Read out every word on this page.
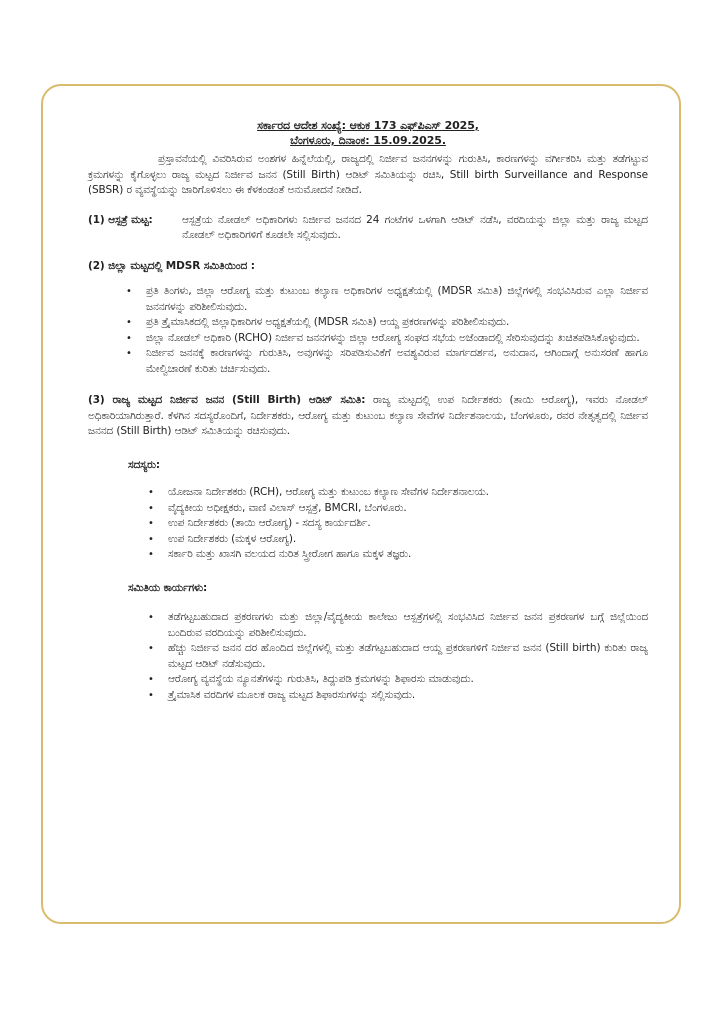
ಸರ್ಕಾರದ ಆದೇಶ ಸಂಖ್ಯೆ: ಆಕುಕ 173 ಎಫ್‌ಪಿಎಸ್ 2025,
ಬೆಂಗಳೂರು, ದಿನಾಂಕ: 15.09.2025.

ಪ್ರಸ್ತಾವನೆಯಲ್ಲಿ ವಿವರಿಸಿರುವ ಅಂಶಗಳ ಹಿನ್ನೆಲೆಯಲ್ಲಿ, ರಾಜ್ಯದಲ್ಲಿ ನಿರ್ಜೀವ ಜನನಗಳನ್ನು ಗುರುತಿಸಿ, ಕಾರಣಗಳನ್ನು ವರ್ಗೀಕರಿಸಿ ಮತ್ತು ತಡೆಗಟ್ಟುವ ಕ್ರಮಗಳನ್ನು ಕೈಗೊಳ್ಳಲು ರಾಜ್ಯ ಮಟ್ಟದ ನಿರ್ಜೀವ ಜನನ (Still Birth) ಆಡಿಟ್ ಸಮಿತಿಯನ್ನು ರಚಿಸಿ, Still birth Surveillance and Response (SBSR) ರ ವ್ಯವಸ್ಥೆಯನ್ನು ಜಾರಿಗೊಳಿಸಲು ಈ ಕೆಳಕಂಡಂತೆ ಅನುಮೋದನೆ ನೀಡಿದೆ.

(1) ಆಸ್ಪತ್ರೆ ಮಟ್ಟ:	ಆಸ್ಪತ್ರೆಯ ನೋಡಲ್ ಅಧಿಕಾರಿಗಳು ನಿರ್ಜೀವ ಜನನದ 24 ಗಂಟೆಗಳ ಒಳಗಾಗಿ ಆಡಿಟ್ ನಡೆಸಿ, ವರದಿಯನ್ನು ಜಿಲ್ಲಾ ಮತ್ತು ರಾಜ್ಯ ಮಟ್ಟದ ನೋಡಲ್ ಅಧಿಕಾರಿಗಳಿಗೆ ಕೂಡಲೇ ಸಲ್ಲಿಸುವುದು.

(2) ಜಿಲ್ಲಾ ಮಟ್ಟದಲ್ಲಿ MDSR ಸಮಿತಿಯಿಂದ :
• ಪ್ರತಿ ತಿಂಗಳು, ಜಿಲ್ಲಾ ಆರೋಗ್ಯ ಮತ್ತು ಕುಟುಂಬ ಕಲ್ಯಾಣ ಅಧಿಕಾರಿಗಳ ಅಧ್ಯಕ್ಷತೆಯಲ್ಲಿ (MDSR ಸಮಿತಿ) ಜಿಲ್ಲೆಗಳಲ್ಲಿ ಸಂಭವಿಸಿರುವ ಎಲ್ಲಾ ನಿರ್ಜೀವ ಜನನಗಳನ್ನು ಪರಿಶೀಲಿಸುವುದು.
• ಪ್ರತಿ ತ್ರೈಮಾಸಿಕದಲ್ಲಿ ಜಿಲ್ಲಾಧಿಕಾರಿಗಳ ಅಧ್ಯಕ್ಷತೆಯಲ್ಲಿ (MDSR ಸಮಿತಿ) ಆಯ್ದ ಪ್ರಕರಣಗಳನ್ನು ಪರಿಶೀಲಿಸುವುದು.
• ಜಿಲ್ಲಾ ನೋಡಲ್ ಅಧಿಕಾರಿ (RCHO) ನಿರ್ಜೀವ ಜನನಗಳನ್ನು ಜಿಲ್ಲಾ ಆರೋಗ್ಯ ಸಂಘದ ಸಭೆಯ ಅಜೆಂಡಾದಲ್ಲಿ ಸೇರಿಸುವುದನ್ನು ಖಚಿತಪಡಿಸಿಕೊಳ್ಳುವುದು.
• ನಿರ್ಜೀವ ಜನನಕ್ಕೆ ಕಾರಣಗಳನ್ನು ಗುರುತಿಸಿ, ಅವುಗಳನ್ನು ಸರಿಪಡಿಸುವಿಕೆಗೆ ಅವಶ್ಯವಿರುವ ಮಾರ್ಗದರ್ಶನ, ಅನುದಾನ, ಆಗಿಂದಾಗ್ಗೆ ಅನುಸರಣೆ ಹಾಗೂ ಮೇಲ್ವಿಚಾರಣೆ ಕುರಿತು ಚರ್ಚಿಸುವುದು.

(3) ರಾಜ್ಯ ಮಟ್ಟದ ನಿರ್ಜೀವ ಜನನ (Still Birth) ಆಡಿಟ್ ಸಮಿತಿ: ರಾಜ್ಯ ಮಟ್ಟದಲ್ಲಿ ಉಪ ನಿರ್ದೇಶಕರು (ತಾಯಿ ಆರೋಗ್ಯ), ಇವರು ನೋಡಲ್ ಅಧಿಕಾರಿಯಾಗಿರುತ್ತಾರೆ. ಕೆಳಗಿನ ಸದಸ್ಯರೊಂದಿಗೆ, ನಿರ್ದೇಶಕರು, ಆರೋಗ್ಯ ಮತ್ತು ಕುಟುಂಬ ಕಲ್ಯಾಣ ಸೇವೆಗಳ ನಿರ್ದೇಶನಾಲಯ, ಬೆಂಗಳೂರು, ರವರ ನೇತೃತ್ವದಲ್ಲಿ ನಿರ್ಜೀವ ಜನನದ (Still Birth) ಆಡಿಟ್ ಸಮಿತಿಯನ್ನು ರಚಿಸುವುದು.

ಸದಸ್ಯರು:
• ಯೋಜನಾ ನಿರ್ದೇಶಕರು (RCH), ಆರೋಗ್ಯ ಮತ್ತು ಕುಟುಂಬ ಕಲ್ಯಾಣ ಸೇವೆಗಳ ನಿರ್ದೇಶನಾಲಯ.
• ವೈದ್ಯಕೀಯ ಅಧೀಕ್ಷಕರು, ವಾಣಿ ವಿಲಾಸ್ ಆಸ್ಪತ್ರೆ, BMCRI, ಬೆಂಗಳೂರು.
• ಉಪ ನಿರ್ದೇಶಕರು (ತಾಯಿ ಆರೋಗ್ಯ) - ಸದಸ್ಯ ಕಾರ್ಯದರ್ಶಿ.
• ಉಪ ನಿರ್ದೇಶಕರು (ಮಕ್ಕಳ ಆರೋಗ್ಯ).
• ಸರ್ಕಾರಿ ಮತ್ತು ಖಾಸಗಿ ವಲಯದ ನುರಿತ ಸ್ತ್ರೀರೋಗ ಹಾಗೂ ಮಕ್ಕಳ ತಜ್ಞರು.
ಸಮಿತಿಯ ಕಾರ್ಯಗಳು:
• ತಡೆಗಟ್ಟಬಹುದಾದ ಪ್ರಕರಣಗಳು ಮತ್ತು ಜಿಲ್ಲಾ/ವೈದ್ಯಕೀಯ ಕಾಲೇಜು ಆಸ್ಪತ್ರೆಗಳಲ್ಲಿ ಸಂಭವಿಸಿದ ನಿರ್ಜೀವ ಜನನ ಪ್ರಕರಣಗಳ ಬಗ್ಗೆ ಜಿಲ್ಲೆಯಿಂದ ಬಂದಿರುವ ವರದಿಯನ್ನು ಪರಿಶೀಲಿಸುವುದು.
• ಹೆಚ್ಚು ನಿರ್ಜೀವ ಜನನ ದರ ಹೊಂದಿದ ಜಿಲ್ಲೆಗಳಲ್ಲಿ ಮತ್ತು ತಡೆಗಟ್ಟಬಹುದಾದ ಆಯ್ದ ಪ್ರಕರಣಗಳಿಗೆ ನಿರ್ಜೀವ ಜನನ (Still birth) ಕುರಿತು ರಾಜ್ಯ ಮಟ್ಟದ ಆಡಿಟ್ ನಡೆಸುವುದು.
• ಆರೋಗ್ಯ ವ್ಯವಸ್ಥೆಯ ನ್ಯೂನತೆಗಳನ್ನು ಗುರುತಿಸಿ, ತಿದ್ದುಪಡಿ ಕ್ರಮಗಳನ್ನು ಶಿಫಾರಸು ಮಾಡುವುದು.
• ತ್ರೈಮಾಸಿಕ ವರದಿಗಳ ಮೂಲಕ ರಾಜ್ಯ ಮಟ್ಟದ ಶಿಫಾರಸುಗಳನ್ನು ಸಲ್ಲಿಸುವುದು.
